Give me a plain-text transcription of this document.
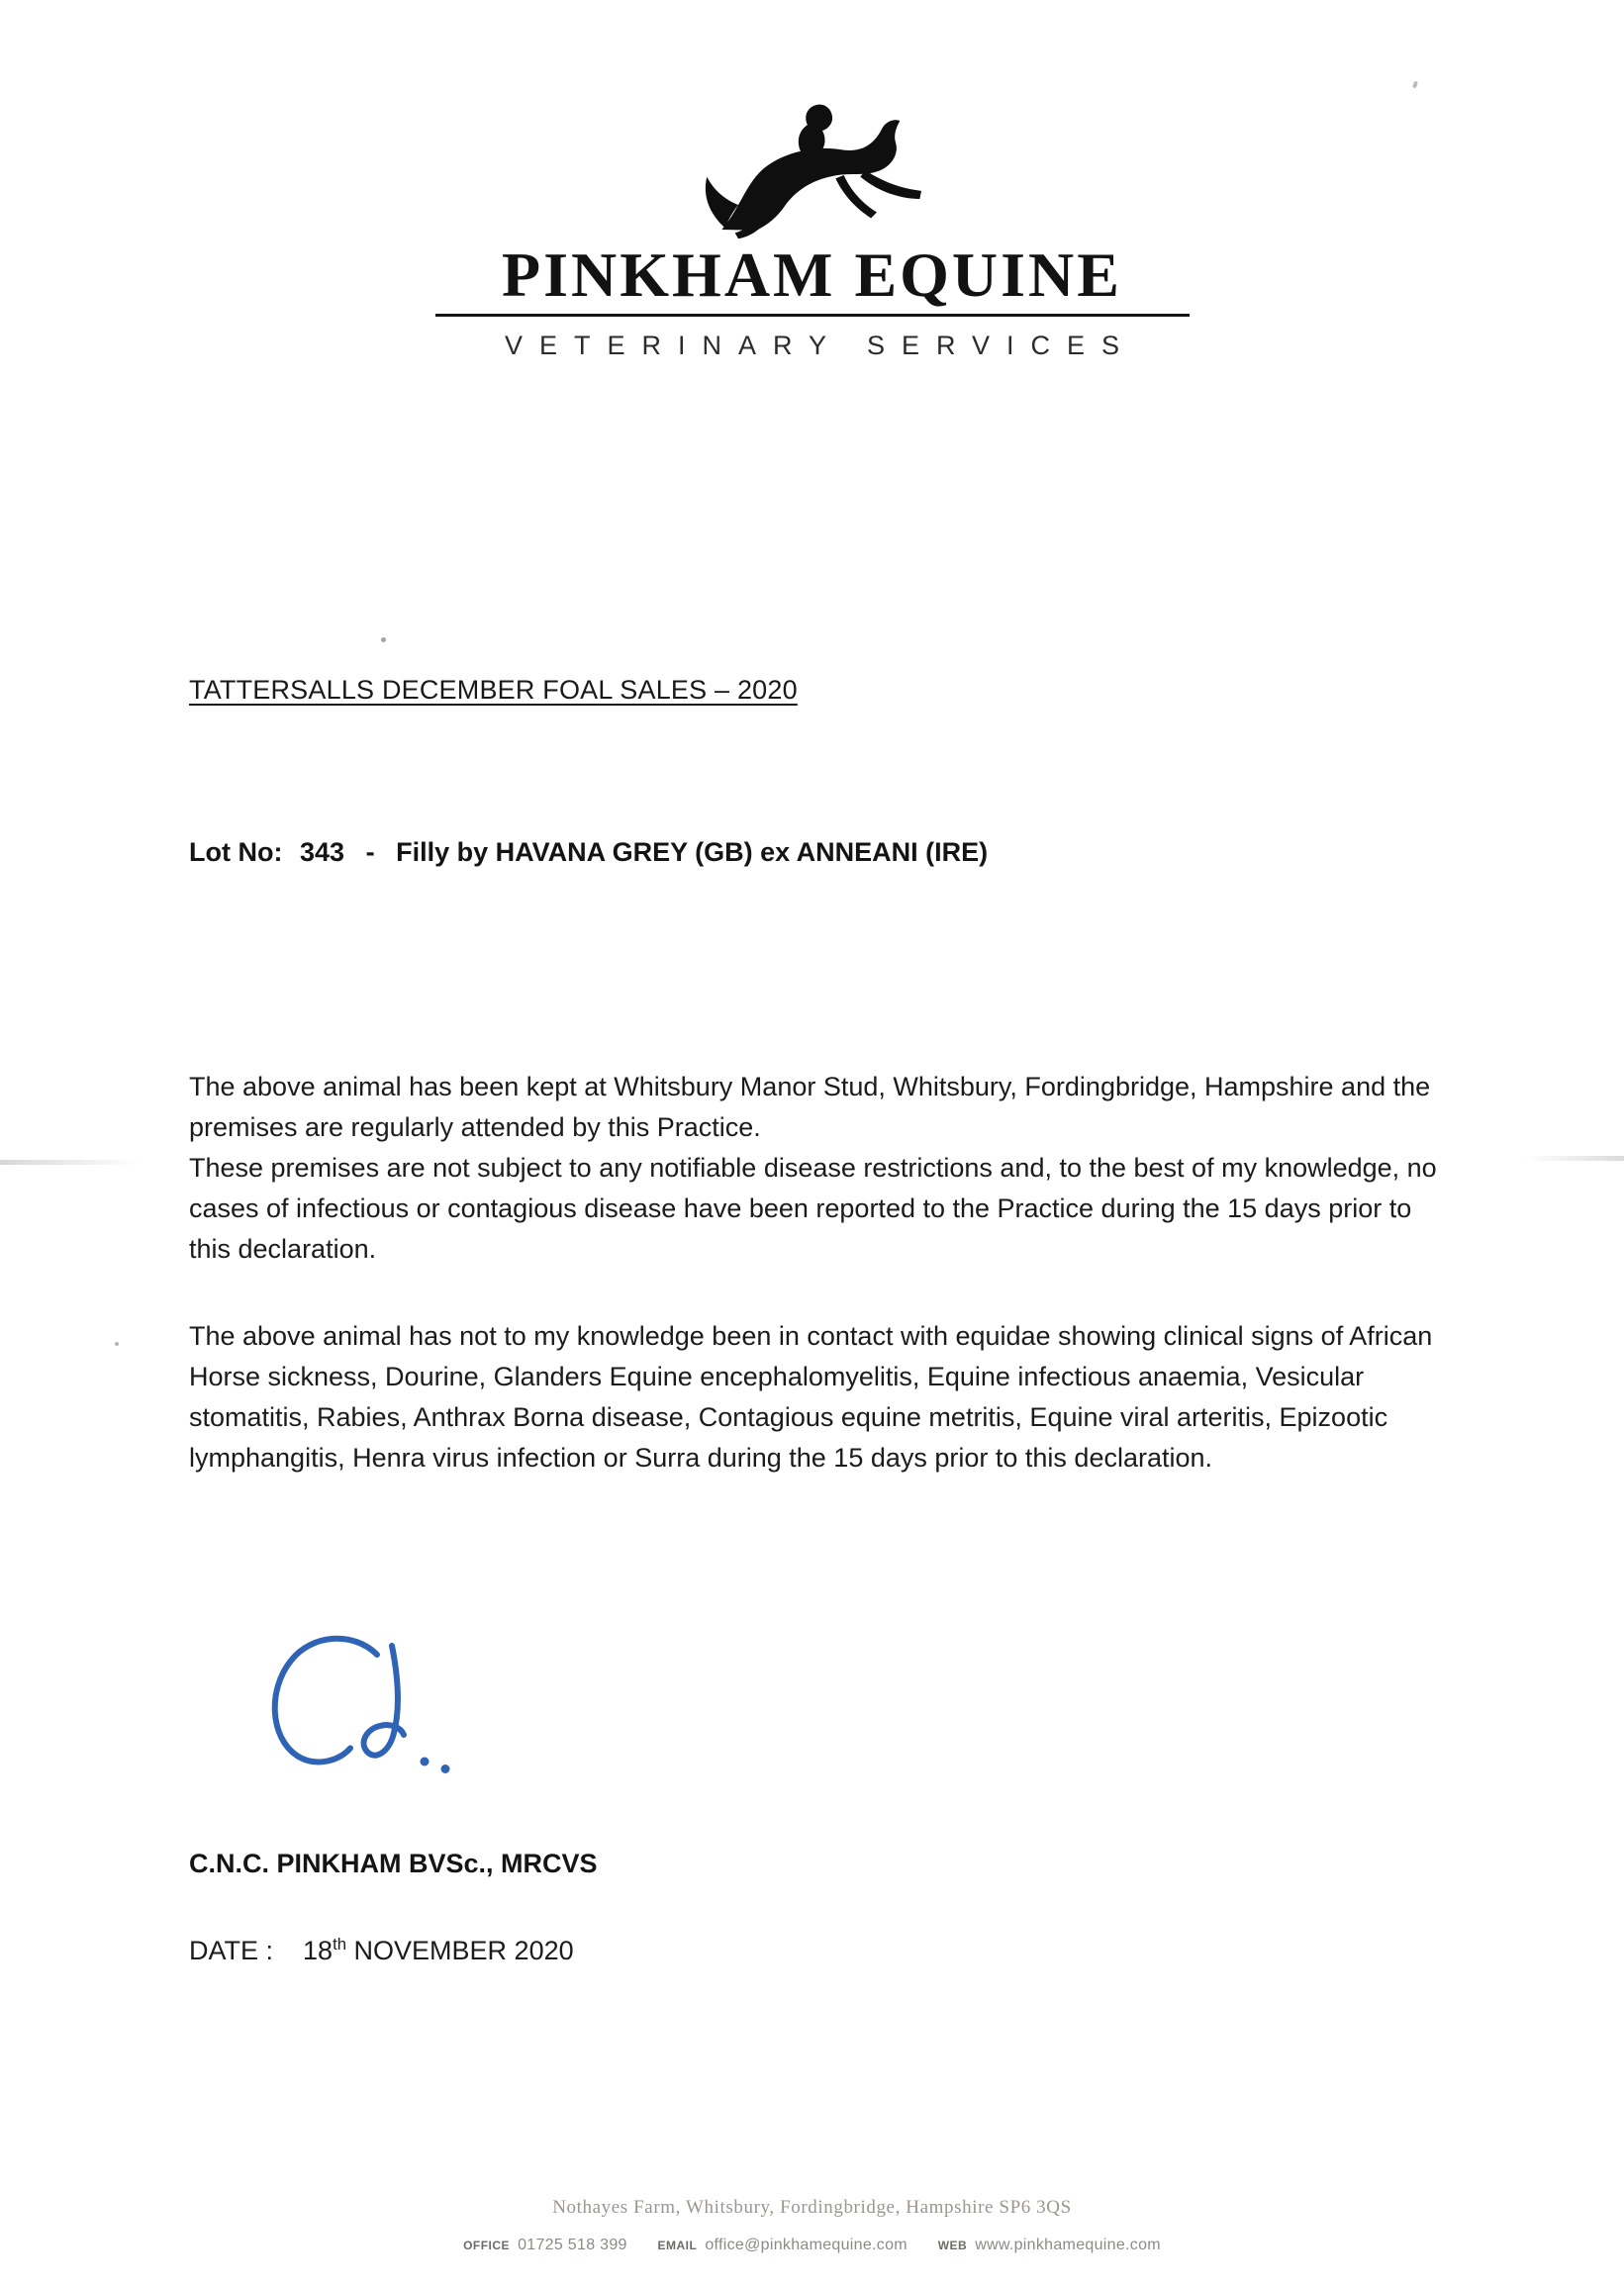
PINKHAM EQUINE
VETERINARY SERVICES
TATTERSALLS DECEMBER FOAL SALES – 2020

Lot No: 343 - Filly by HAVANA GREY (GB) ex ANNEANI (IRE)

The above animal has been kept at Whitsbury Manor Stud, Whitsbury, Fordingbridge, Hampshire and the premises are regularly attended by this Practice.
These premises are not subject to any notifiable disease restrictions and, to the best of my knowledge, no cases of infectious or contagious disease have been reported to the Practice during the 15 days prior to this declaration.
The above animal has not to my knowledge been in contact with equidae showing clinical signs of African Horse sickness, Dourine, Glanders Equine encephalomyelitis, Equine infectious anaemia, Vesicular stomatitis, Rabies, Anthrax Borna disease, Contagious equine metritis, Equine viral arteritis, Epizootic lymphangitis, Henra virus infection or Surra during the 15 days prior to this declaration.

C.N.C. PINKHAM BVSc., MRCVS

DATE : 18th NOVEMBER 2020

Nothayes Farm, Whitsbury, Fordingbridge, Hampshire SP6 3QS
OFFICE 01725 518 399	EMAIL office@pinkhamequine.com	WEB www.pinkhamequine.com
